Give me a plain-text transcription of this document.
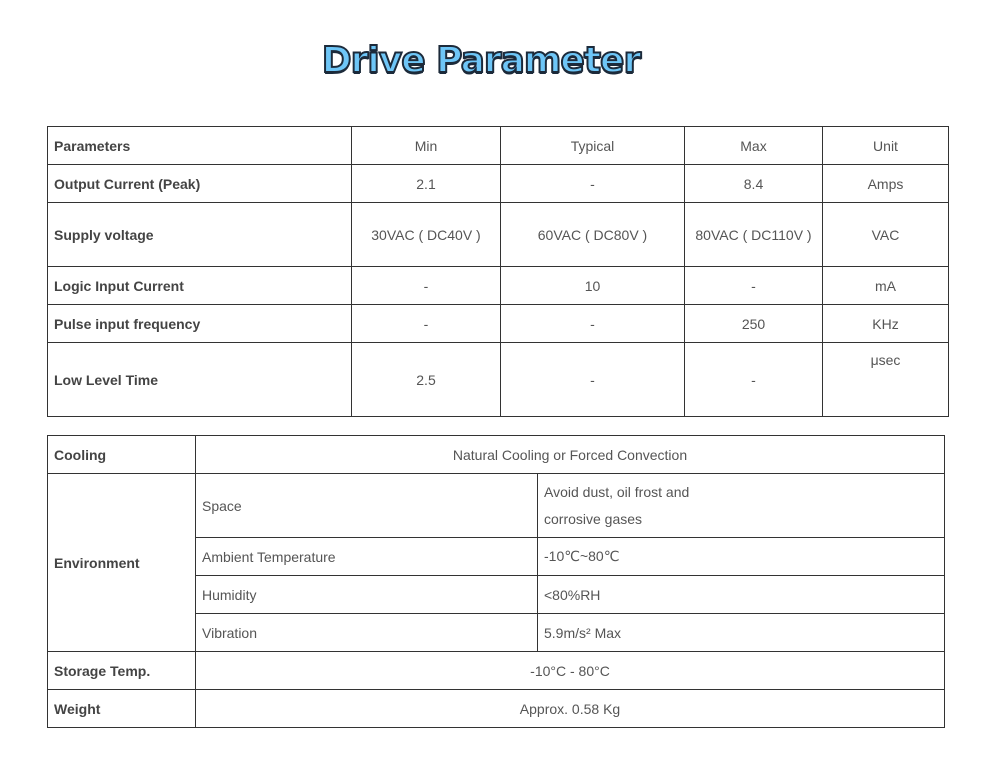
Drive Parameter
Parameters	Min	Typical	Max	Unit
Output Current (Peak)	2.1	-	8.4	Amps
Supply voltage	30VAC ( DC40V )	60VAC ( DC80V )	80VAC ( DC110V )	VAC
Logic Input Current	-	10	-	mA
Pulse input frequency	-	-	250	KHz
Low Level Time	2.5	-	-	μsec
Cooling	Natural Cooling or Forced Convection	
Environment	Space	Avoid dust, oil frost and
corrosive gases

	Ambient Temperature	-10℃~80℃
	Humidity	<80%RH
	Vibration	5.9m/s² Max
Storage Temp.	-10°C - 80°C	
Weight	Approx. 0.58 Kg	
